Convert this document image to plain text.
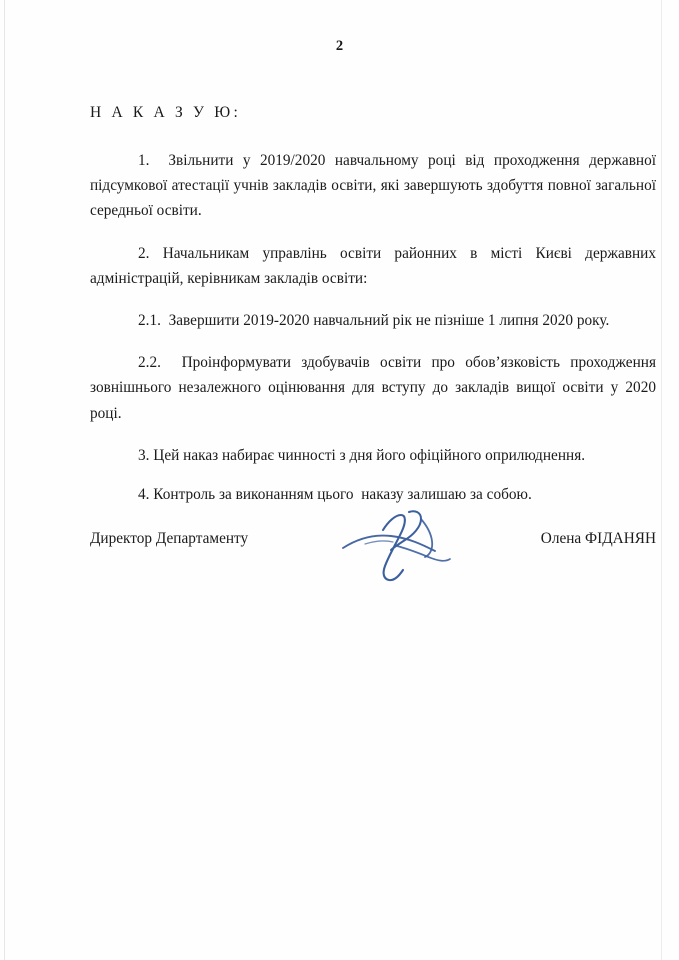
2
Н А К А З У Ю:

1.  Звільнити у 2019/2020 навчальному році від проходження державної підсумкової атестації учнів закладів освіти, які завершують здобуття повної загальної середньої освіти.

2. Начальникам управлінь освіти районних в місті Києві державних адміністрацій, керівникам закладів освіти:

2.1.  Завершити 2019-2020 навчальний рік не пізніше 1 липня 2020 року.

2.2.  Проінформувати здобувачів освіти про обов’язковість проходження зовнішнього незалежного оцінювання для вступу до закладів вищої освіти у 2020 році.

3. Цей наказ набирає чинності з дня його офіційного оприлюднення.

4. Контроль за виконанням цього  наказу залишаю за собою.

Директор Департаменту	Олена ФІДАНЯН
